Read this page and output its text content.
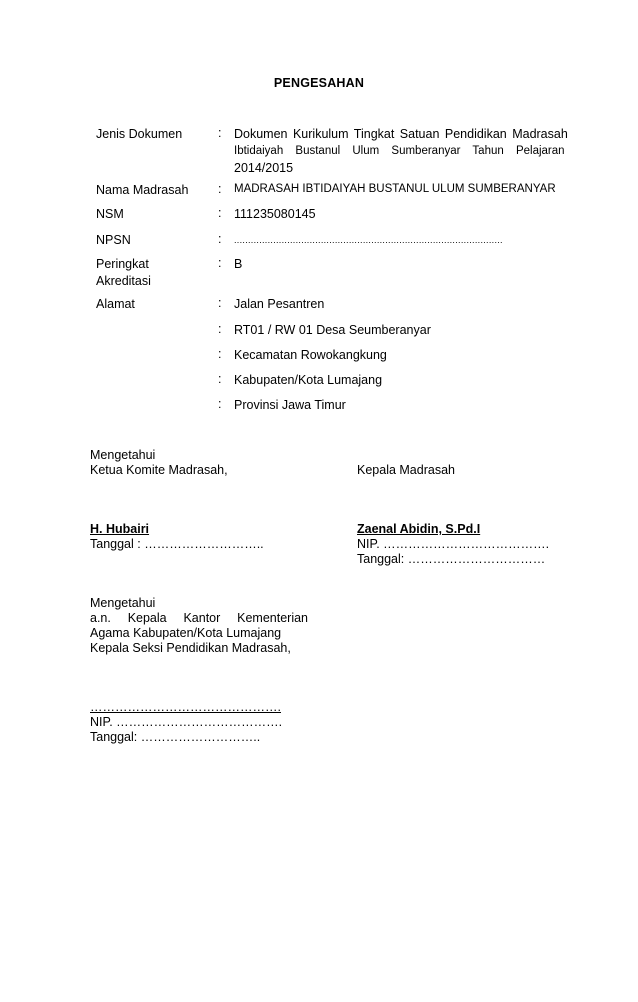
PENGESAHAN
Jenis Dokumen	: Dokumen Kurikulum Tingkat Satuan Pendidikan Madrasah
Ibtidaiyah Bustanul Ulum Sumberanyar Tahun Pelajaran
2014/2015
Nama Madrasah	: MADRASAH IBTIDAIYAH BUSTANUL ULUM SUMBERANYAR
NSM	: 111235080145
NPSN	: ................................................................................................
Peringkat
Akreditasi
: B
Alamat	: Jalan Pesantren
: RT01 / RW 01 Desa Seumberanyar
: Kecamatan Rowokangkung
: Kabupaten/Kota Lumajang
: Provinsi Jawa Timur
Mengetahui
Ketua Komite Madrasah,
H. Hubairi
Tanggal : ………………………..
Kepala Madrasah
Zaenal Abidin, S.Pd.I
NIP. ………………………………….
Tanggal: ……………………………
Mengetahui
a.n. Kepala Kantor Kementerian
Agama Kabupaten/Kota Lumajang
Kepala Seksi Pendidikan Madrasah,
……………………………………….
NIP. ………………………………….
Tanggal: ………………………..
